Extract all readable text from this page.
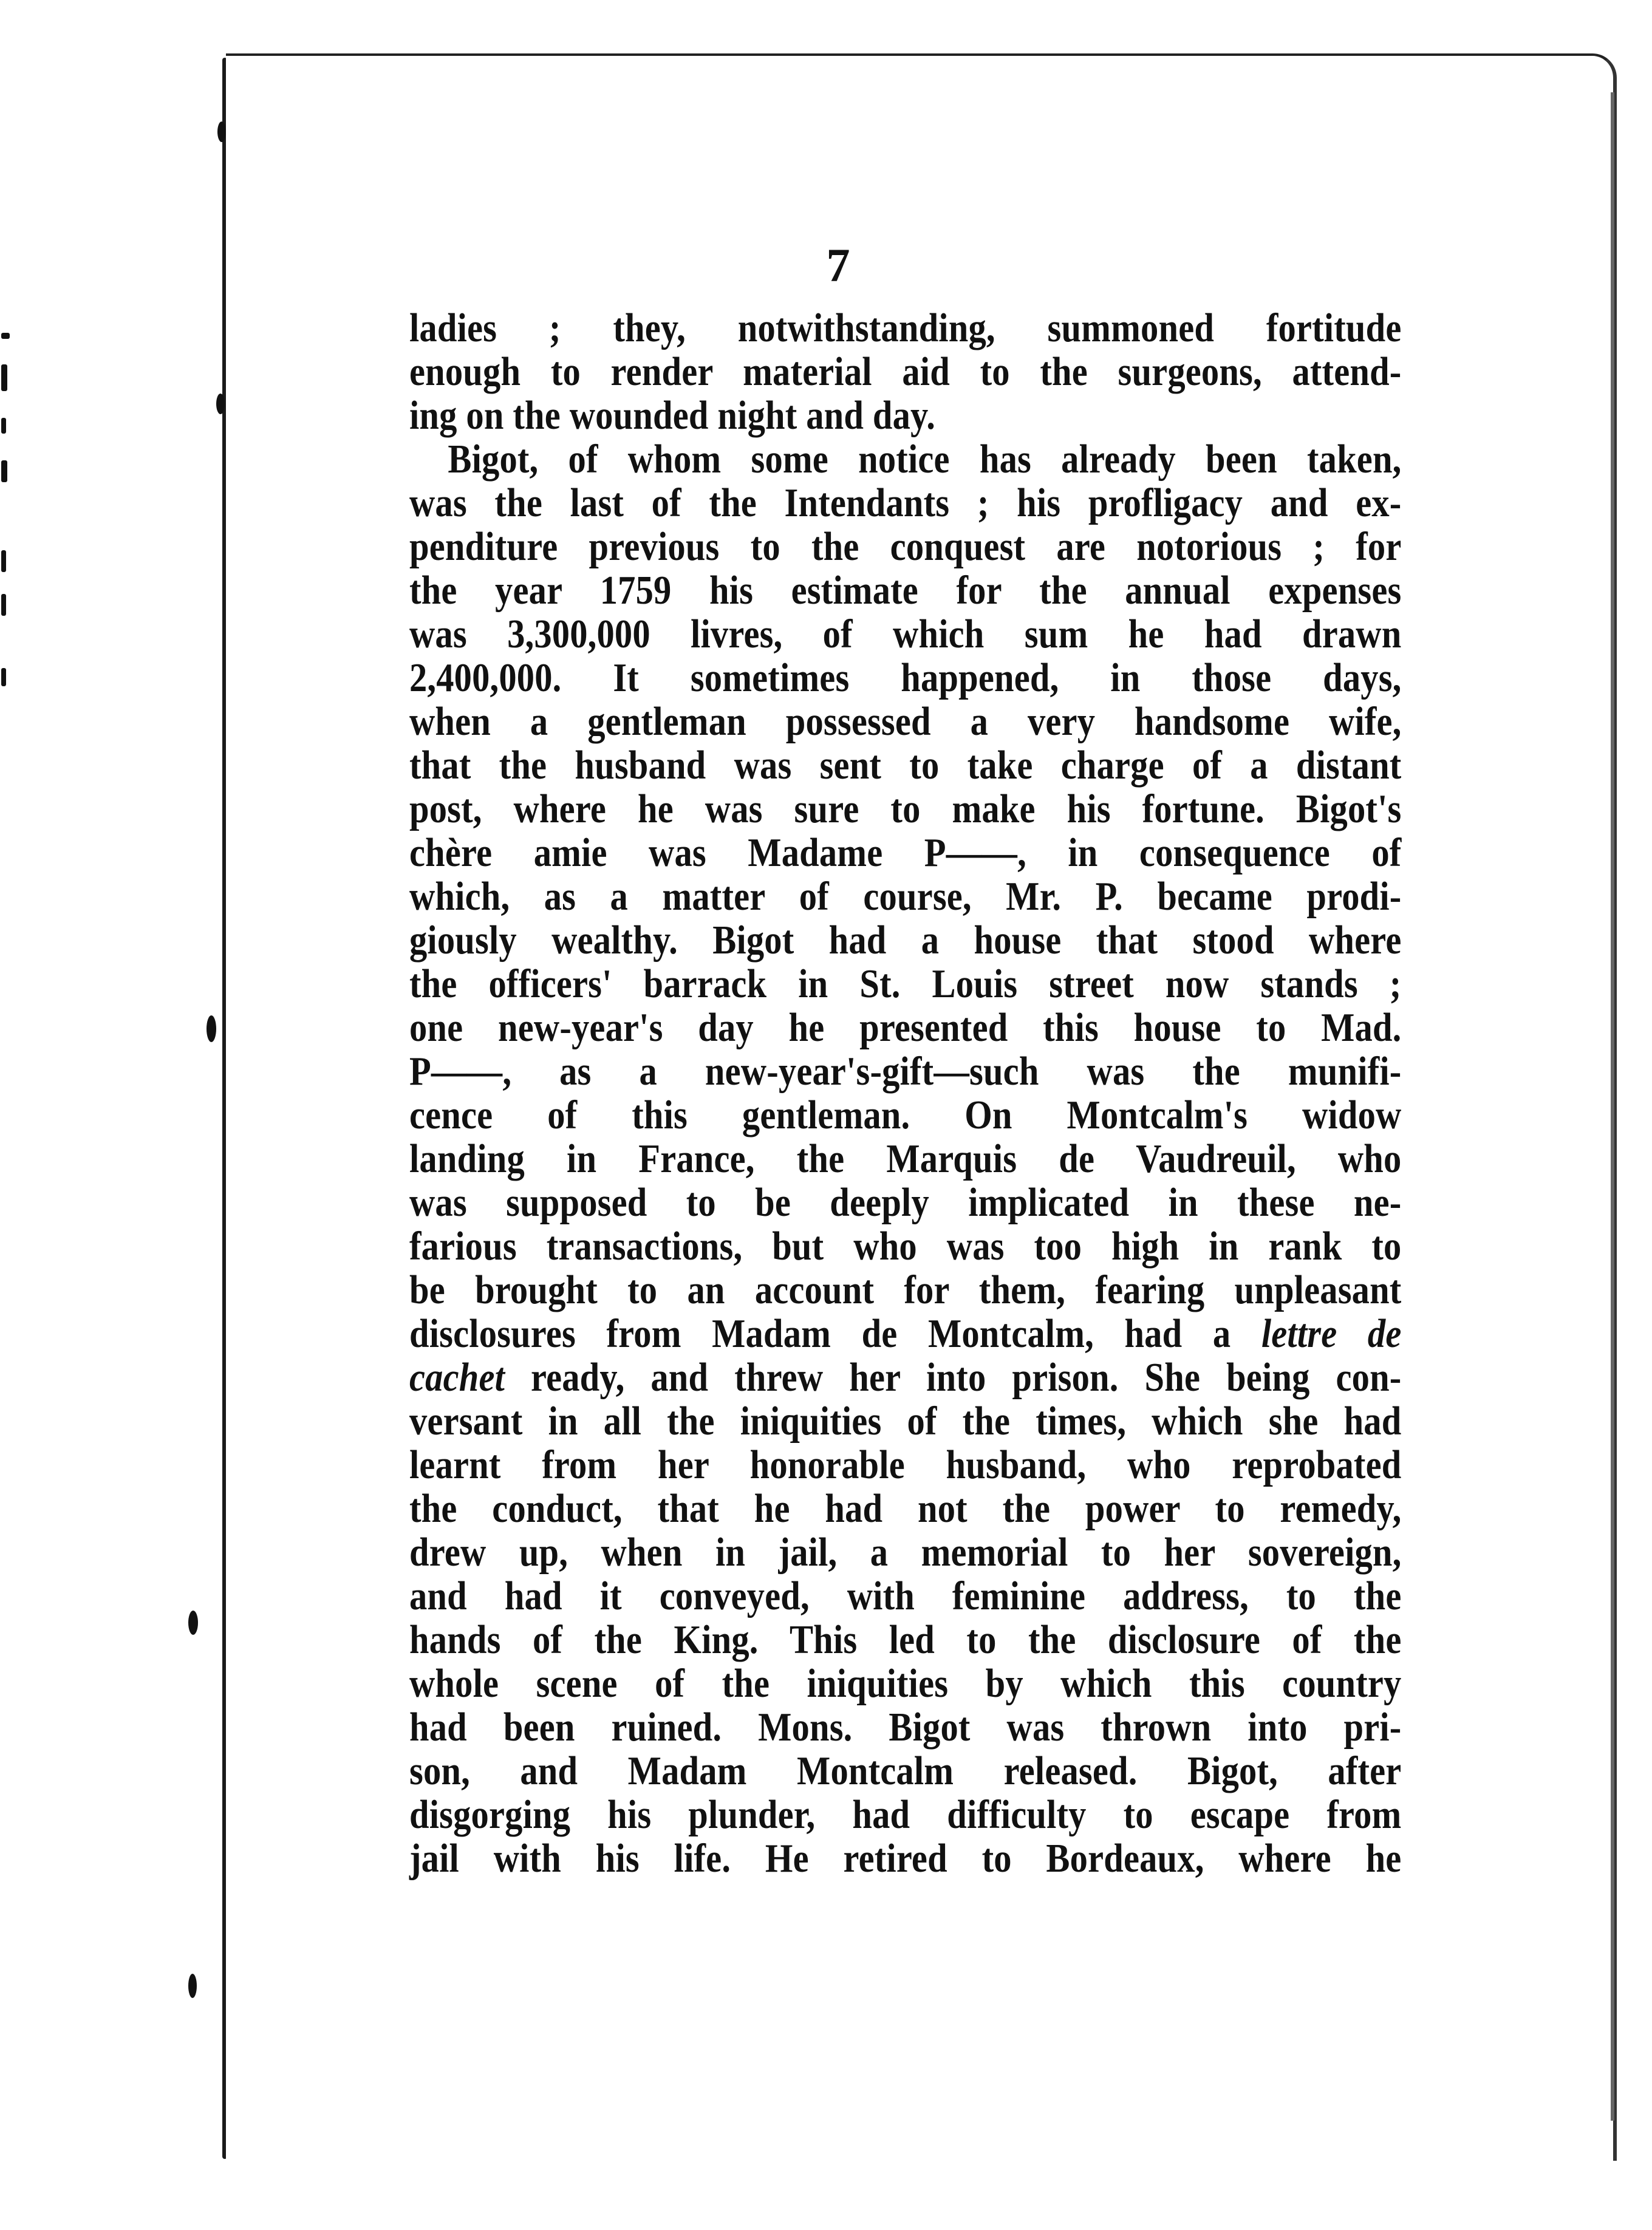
7
ladies ; they, notwithstanding, summoned fortitude
enough to render material aid to the surgeons, attend-
ing on the wounded night and day.
Bigot, of whom some notice has already been taken,
was the last of the Intendants ; his profligacy and ex-
penditure previous to the conquest are notorious ; for
the year 1759 his estimate for the annual expenses
was 3,300,000 livres, of which sum he had drawn
2,400,000. It sometimes happened, in those days,
when a gentleman possessed a very handsome wife,
that the husband was sent to take charge of a distant
post, where he was sure to make his fortune. Bigot's
chère amie was Madame P——, in consequence of
which, as a matter of course, Mr. P. became prodi-
giously wealthy. Bigot had a house that stood where
the officers' barrack in St. Louis street now stands ;
one new-year's day he presented this house to Mad.
P——, as a new-year's-gift—such was the munifi-
cence of this gentleman. On Montcalm's widow
landing in France, the Marquis de Vaudreuil, who
was supposed to be deeply implicated in these ne-
farious transactions, but who was too high in rank to
be brought to an account for them, fearing unpleasant
disclosures from Madam de Montcalm, had a lettre de
cachet ready, and threw her into prison. She being con-
versant in all the iniquities of the times, which she had
learnt from her honorable husband, who reprobated
the conduct, that he had not the power to remedy,
drew up, when in jail, a memorial to her sovereign,
and had it conveyed, with feminine address, to the
hands of the King. This led to the disclosure of the
whole scene of the iniquities by which this country
had been ruined. Mons. Bigot was thrown into pri-
son, and Madam Montcalm released. Bigot, after
disgorging his plunder, had difficulty to escape from
jail with his life. He retired to Bordeaux, where he
